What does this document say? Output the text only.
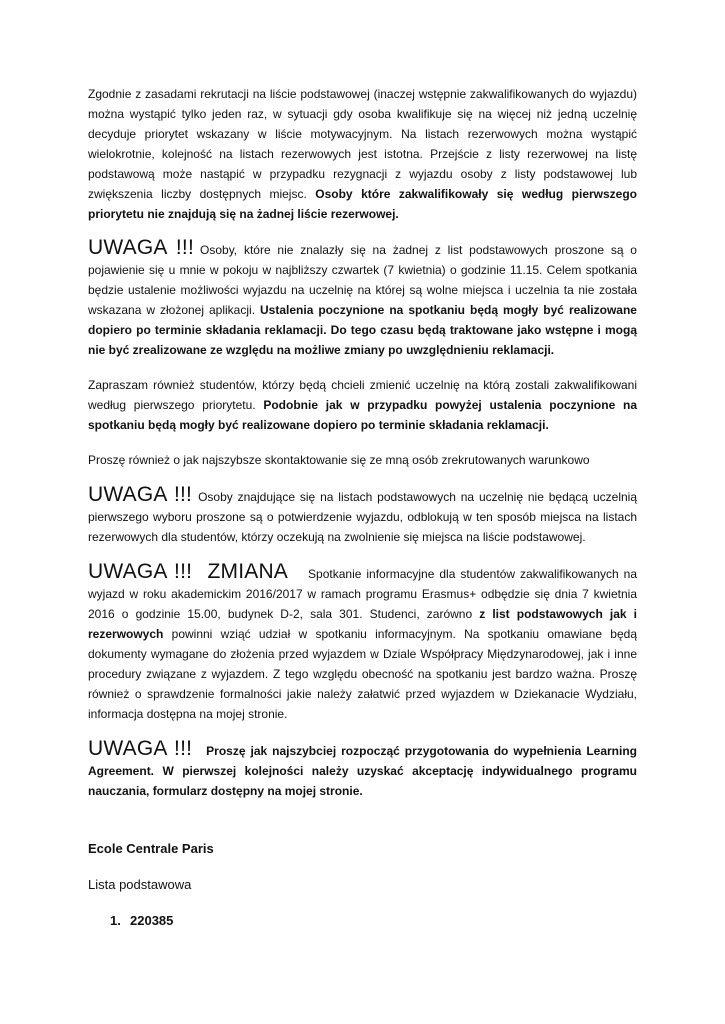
Zgodnie z zasadami rekrutacji na liście podstawowej (inaczej wstępnie zakwalifikowanych do wyjazdu) można wystąpić tylko jeden raz, w sytuacji gdy osoba kwalifikuje się na więcej niż jedną uczelnię decyduje priorytet wskazany w liście motywacyjnym. Na listach rezerwowych można wystąpić wielokrotnie, kolejność na listach rezerwowych jest istotna. Przejście z listy rezerwowej na listę podstawową może nastąpić w przypadku rezygnacji z wyjazdu osoby z listy podstawowej lub zwiększenia liczby dostępnych miejsc. Osoby które zakwalifikowały się według pierwszego priorytetu nie znajdują się na żadnej liście rezerwowej.

UWAGA !!! Osoby, które nie znalazły się na żadnej z list podstawowych proszone są o pojawienie się u mnie w pokoju w najbliższy czwartek (7 kwietnia) o godzinie 11.15. Celem spotkania będzie ustalenie możliwości wyjazdu na uczelnię na której są wolne miejsca i uczelnia ta nie została wskazana w złożonej aplikacji. Ustalenia poczynione na spotkaniu będą mogły być realizowane dopiero po terminie składania reklamacji. Do tego czasu będą traktowane jako wstępne i mogą nie być zrealizowane ze względu na możliwe zmiany po uwzględnieniu reklamacji.

Zapraszam również studentów, którzy będą chcieli zmienić uczelnię na którą zostali zakwalifikowani według pierwszego priorytetu. Podobnie jak w przypadku powyżej ustalenia poczynione na spotkaniu będą mogły być realizowane dopiero po terminie składania reklamacji.

Proszę również o jak najszybsze skontaktowanie się ze mną osób zrekrutowanych warunkowo

UWAGA !!! Osoby znajdujące się na listach podstawowych na uczelnię nie będącą uczelnią pierwszego wyboru proszone są o potwierdzenie wyjazdu, odblokują w ten sposób miejsca na listach rezerwowych dla studentów, którzy oczekują na zwolnienie się miejsca na liście podstawowej.

UWAGA !!!  ZMIANA Spotkanie informacyjne dla studentów zakwalifikowanych na wyjazd w roku akademickim 2016/2017 w ramach programu Erasmus+ odbędzie się dnia 7 kwietnia 2016 o godzinie 15.00, budynek D-2, sala 301. Studenci, zarówno z list podstawowych jak i rezerwowych powinni wziąć udział w spotkaniu informacyjnym. Na spotkaniu omawiane będą dokumenty wymagane do złożenia przed wyjazdem w Dziale Współpracy Międzynarodowej, jak i inne procedury związane z wyjazdem. Z tego względu obecność na spotkaniu jest bardzo ważna. Proszę również o sprawdzenie formalności jakie należy załatwić przed wyjazdem w Dziekanacie Wydziału, informacja dostępna na mojej stronie.

UWAGA !!! Proszę jak najszybciej rozpocząć przygotowania do wypełnienia Learning Agreement. W pierwszej kolejności należy uzyskać akceptację indywidualnego programu nauczania, formularz dostępny na mojej stronie.

Ecole Centrale Paris
Lista podstawowa
1. 220385
